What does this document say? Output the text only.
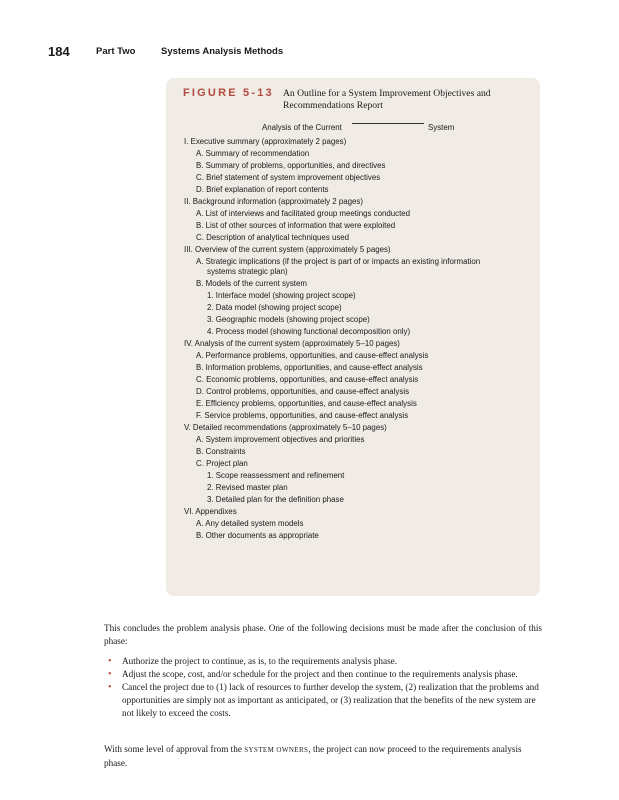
184	Part Two	Systems Analysis Methods
FIGURE 5-13 An Outline for a System Improvement Objectives and Recommendations Report
Analysis of the Current	System
I. Executive summary (approximately 2 pages)
A. Summary of recommendation
B. Summary of problems, opportunities, and directives
C. Brief statement of system improvement objectives
D. Brief explanation of report contents
II. Background information (approximately 2 pages)
A. List of interviews and facilitated group meetings conducted
B. List of other sources of information that were exploited
C. Description of analytical techniques used
III. Overview of the current system (approximately 5 pages)
A. Strategic implications (if the project is part of or impacts an existing information
systems strategic plan)
B. Models of the current system
1. Interface model (showing project scope)
2. Data model (showing project scope)
3. Geographic models (showing project scope)
4. Process model (showing functional decomposition only)
IV. Analysis of the current system (approximately 5–10 pages)
A. Performance problems, opportunities, and cause-effect analysis
B. Information problems, opportunities, and cause-effect analysis
C. Economic problems, opportunities, and cause-effect analysis
D. Control problems, opportunities, and cause-effect analysis
E. Efficiency problems, opportunities, and cause-effect analysis
F. Service problems, opportunities, and cause-effect analysis
V. Detailed recommendations (approximately 5–10 pages)
A. System improvement objectives and priorities
B. Constraints
C. Project plan
1. Scope reassessment and refinement
2. Revised master plan
3. Detailed plan for the definition phase
VI. Appendixes
A. Any detailed system models
B. Other documents as appropriate

This concludes the problem analysis phase. One of the following decisions must be made after the conclusion of this phase:

• Authorize the project to continue, as is, to the requirements analysis phase.
• Adjust the scope, cost, and/or schedule for the project and then continue to the requirements analysis phase.
• Cancel the project due to (1) lack of resources to further develop the system, (2) realization that the problems and opportunities are simply not as important as anticipated, or (3) realization that the benefits of the new system are not likely to exceed the costs.

With some level of approval from the SYSTEM OWNERS, the project can now proceed to the requirements analysis phase.
